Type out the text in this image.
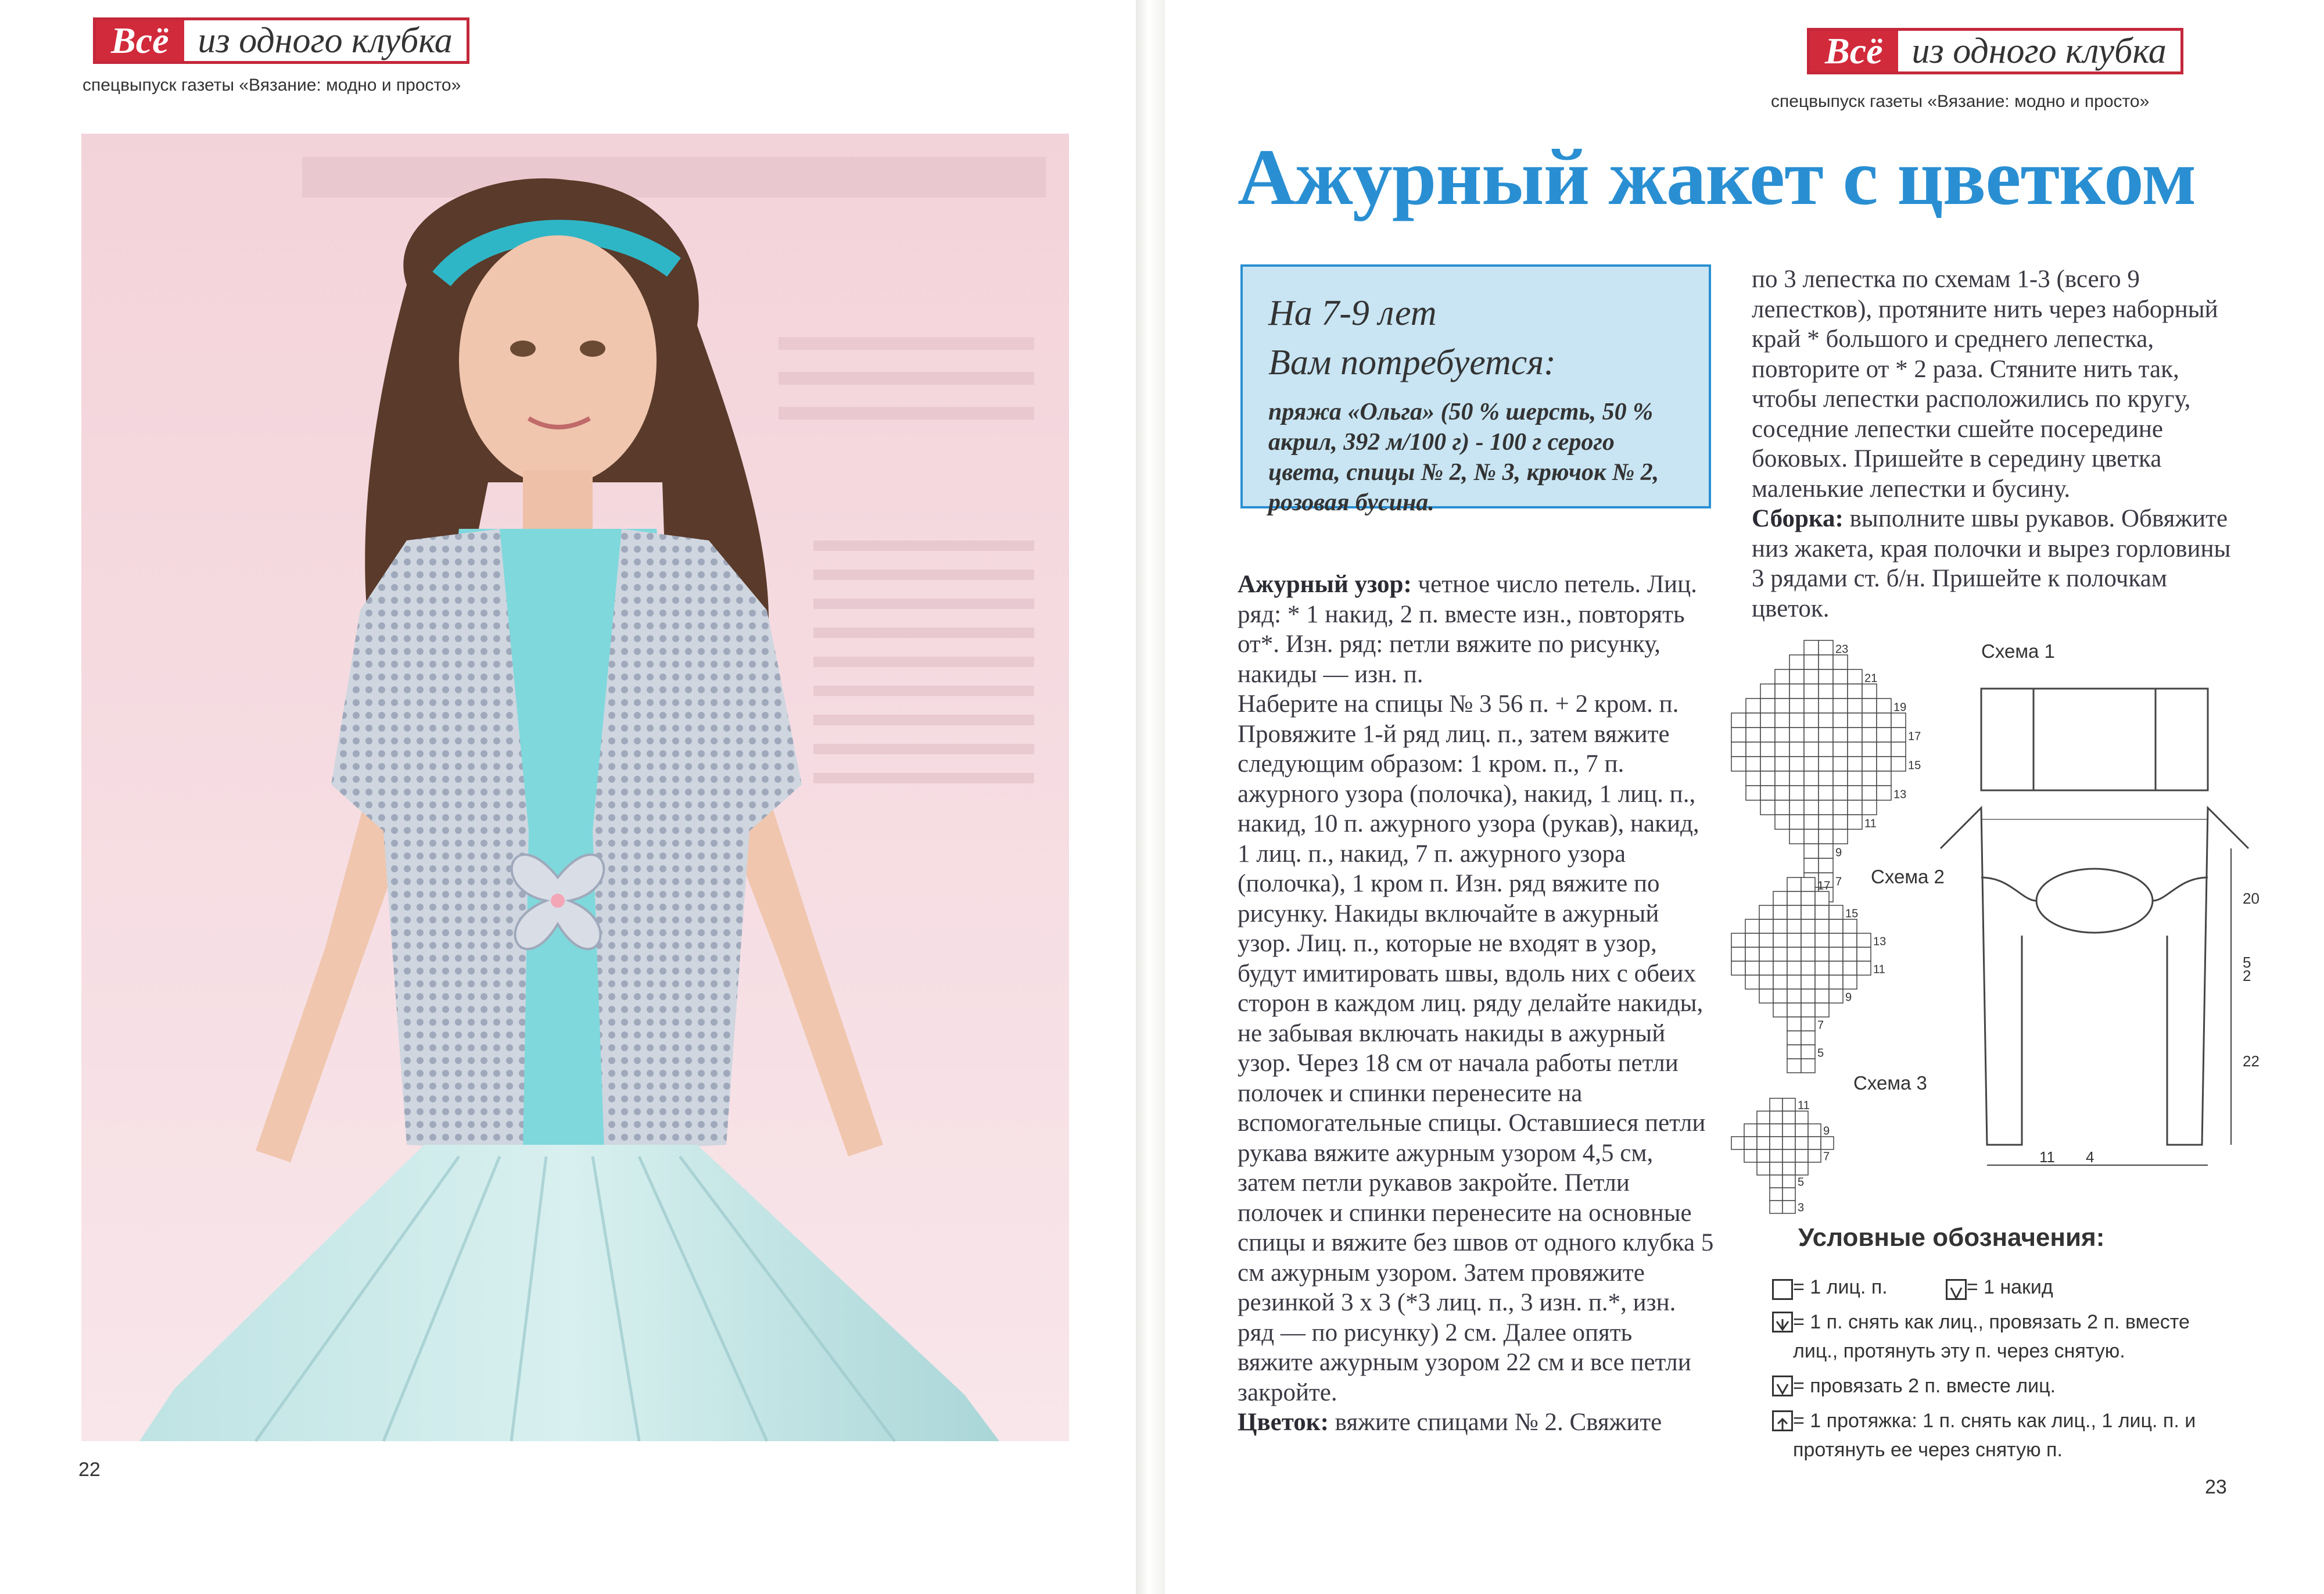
Всё из одного клубка
спецвыпуск газеты «Вязание: модно и просто»
22
Всё из одного клубка
спецвыпуск газеты «Вязание: модно и просто»
Ажурный жакет с цветком
На 7-9 лет
Вам потребуется:
пряжа «Ольга» (50 % шерсть, 50 % акрил, 392 м/100 г) - 100 г серого цвета, спицы № 2, № 3, крючок № 2, розовая бусина.

Ажурный узор: четное число петель. Лиц. ряд: * 1 накид, 2 п. вместе изн., повторять от*. Изн. ряд: петли вяжите по рисунку, накиды — изн. п.

Наберите на спицы № 3 56 п. + 2 кром. п. Провяжите 1-й ряд лиц. п., затем вяжите следующим образом: 1 кром. п., 7 п. ажурного узора (полочка), накид, 1 лиц. п., накид, 10 п. ажурного узора (рукав), накид, 1 лиц. п., накид, 7 п. ажурного узора (полочка), 1 кром п. Изн. ряд вяжите по рисунку. Накиды включайте в ажурный узор. Лиц. п., которые не входят в узор, будут имитировать швы, вдоль них с обеих сторон в каждом лиц. ряду делайте накиды, не забывая включать накиды в ажурный узор. Через 18 см от начала работы петли полочек и спинки перенесите на вспомогательные спицы. Оставшиеся петли рукава вяжите ажурным узором 4,5 см, затем петли рукавов закройте. Петли полочек и спинки перенесите на основные спицы и вяжите без швов от одного клубка 5 см ажурным узором. Затем провяжите резинкой 3 х 3 (*3 лиц. п., 3 изн. п.*, изн. ряд — по рисунку) 2 см. Далее опять вяжите ажурным узором 22 см и все петли закройте.

Цветок: вяжите спицами № 2. Свяжите

по 3 лепестка по схемам 1-3 (всего 9 лепестков), протяните нить через наборный край * большого и среднего лепестка, повторите от * 2 раза. Стяните нить так, чтобы лепестки расположились по кругу, соседние лепестки сшейте посередине боковых. Пришейте в середину цветка маленькие лепестки и бусину.

Сборка: выполните швы рукавов. Обвяжите низ жакета, края полочки и вырез горловины 3 рядами ст. б/н. Пришейте к полочкам цветок.

23
21
19
17
15
13
11
9
7
17
15
13
11
9
7
5
11
9
7
5
3
20
5
2
22
11 4
Схема 1
Схема 2
Схема 3
Условные обозначения:
= 1 лиц. п.	= 1 накид
= 1 п. снять как лиц., провязать 2 п. вместе лиц., протянуть эту п. через снятую.
= провязать 2 п. вместе лиц.
= 1 протяжка: 1 п. снять как лиц., 1 лиц. п. и протянуть ее через снятую п.
23
